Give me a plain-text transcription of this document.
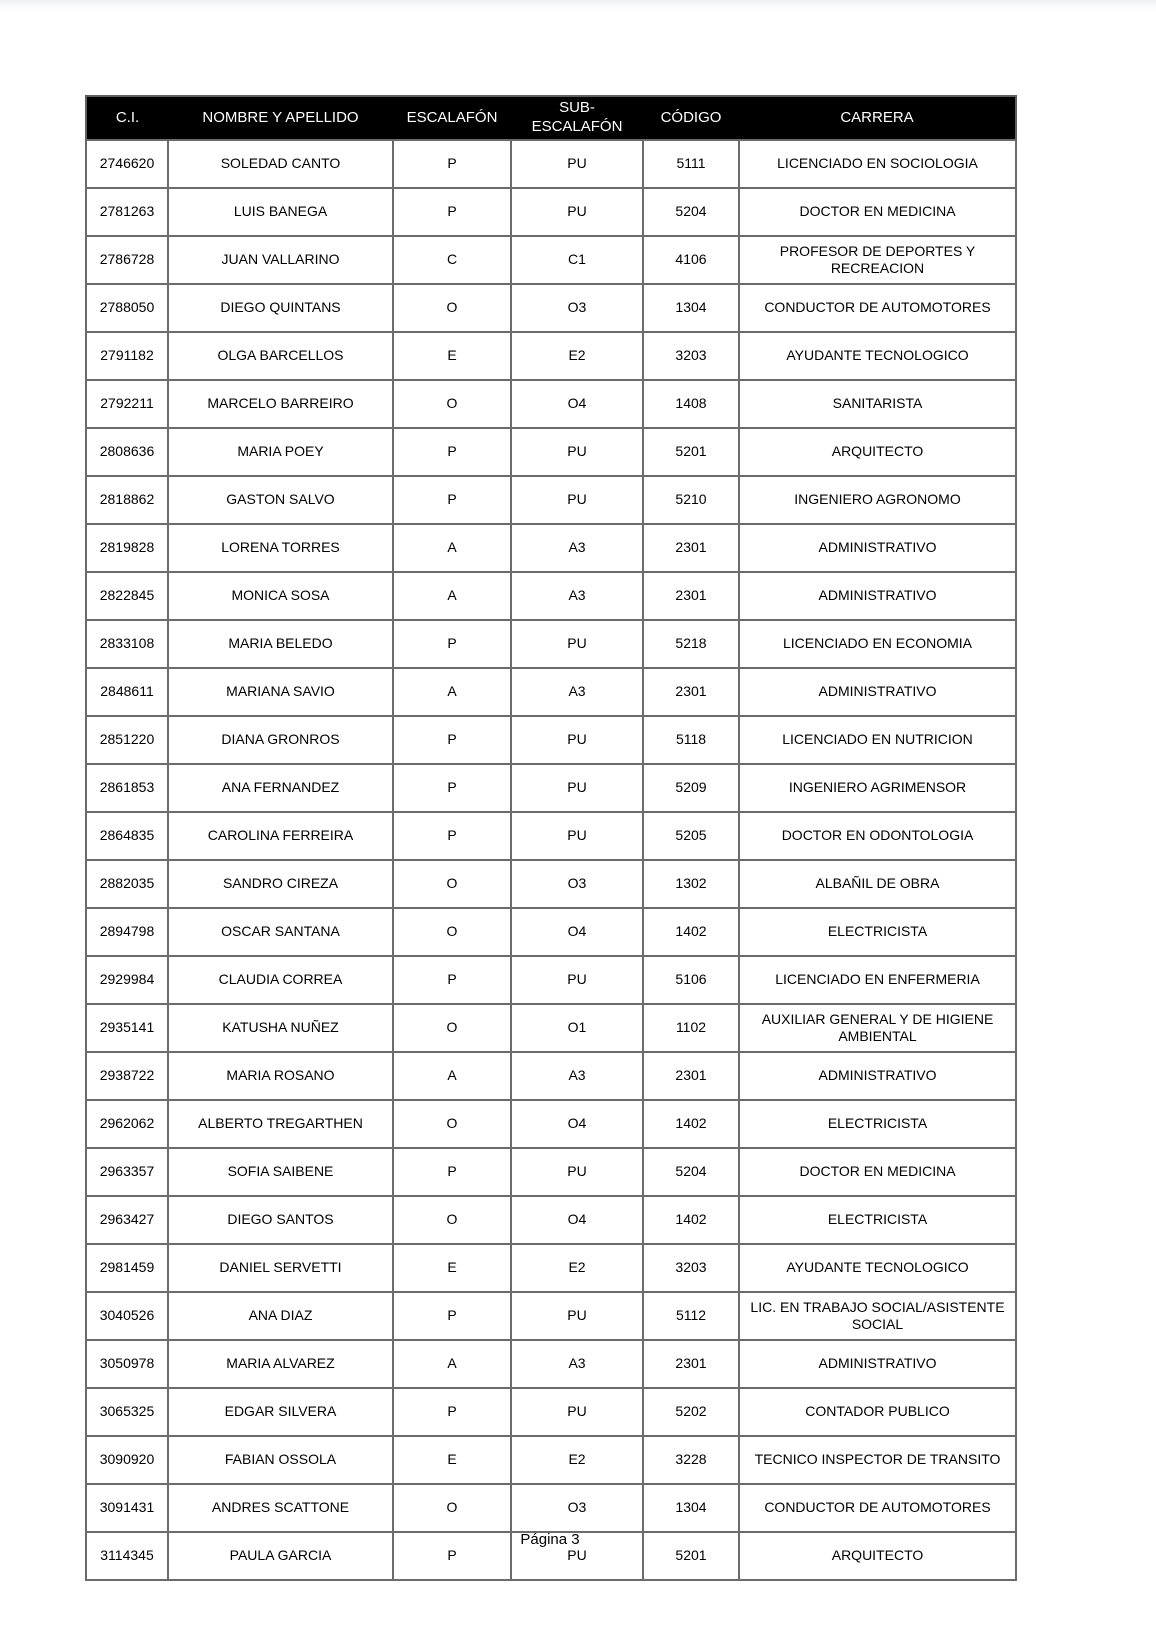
C.I.	NOMBRE Y APELLIDO	ESCALAFÓN	SUB-ESCALAFÓN	CÓDIGO	CARRERA
2746620	SOLEDAD CANTO	P	PU	5111	LICENCIADO EN SOCIOLOGIA
2781263	LUIS BANEGA	P	PU	5204	DOCTOR EN MEDICINA
2786728	JUAN VALLARINO	C	C1	4106	PROFESOR DE DEPORTES Y RECREACION
2788050	DIEGO QUINTANS	O	O3	1304	CONDUCTOR DE AUTOMOTORES
2791182	OLGA BARCELLOS	E	E2	3203	AYUDANTE TECNOLOGICO
2792211	MARCELO BARREIRO	O	O4	1408	SANITARISTA
2808636	MARIA POEY	P	PU	5201	ARQUITECTO
2818862	GASTON SALVO	P	PU	5210	INGENIERO AGRONOMO
2819828	LORENA TORRES	A	A3	2301	ADMINISTRATIVO
2822845	MONICA SOSA	A	A3	2301	ADMINISTRATIVO
2833108	MARIA BELEDO	P	PU	5218	LICENCIADO EN ECONOMIA
2848611	MARIANA SAVIO	A	A3	2301	ADMINISTRATIVO
2851220	DIANA GRONROS	P	PU	5118	LICENCIADO EN NUTRICION
2861853	ANA FERNANDEZ	P	PU	5209	INGENIERO AGRIMENSOR
2864835	CAROLINA FERREIRA	P	PU	5205	DOCTOR EN ODONTOLOGIA
2882035	SANDRO CIREZA	O	O3	1302	ALBAÑIL DE OBRA
2894798	OSCAR SANTANA	O	O4	1402	ELECTRICISTA
2929984	CLAUDIA CORREA	P	PU	5106	LICENCIADO EN ENFERMERIA
2935141	KATUSHA NUÑEZ	O	O1	1102	AUXILIAR GENERAL Y DE HIGIENE AMBIENTAL
2938722	MARIA ROSANO	A	A3	2301	ADMINISTRATIVO
2962062	ALBERTO TREGARTHEN	O	O4	1402	ELECTRICISTA
2963357	SOFIA SAIBENE	P	PU	5204	DOCTOR EN MEDICINA
2963427	DIEGO SANTOS	O	O4	1402	ELECTRICISTA
2981459	DANIEL SERVETTI	E	E2	3203	AYUDANTE TECNOLOGICO
3040526	ANA DIAZ	P	PU	5112	LIC. EN TRABAJO SOCIAL/ASISTENTE SOCIAL
3050978	MARIA ALVAREZ	A	A3	2301	ADMINISTRATIVO
3065325	EDGAR SILVERA	P	PU	5202	CONTADOR PUBLICO
3090920	FABIAN OSSOLA	E	E2	3228	TECNICO INSPECTOR DE TRANSITO
3091431	ANDRES SCATTONE	O	O3	1304	CONDUCTOR DE AUTOMOTORES
3114345	PAULA GARCIA	P	PU	5201	ARQUITECTO
Página 3
